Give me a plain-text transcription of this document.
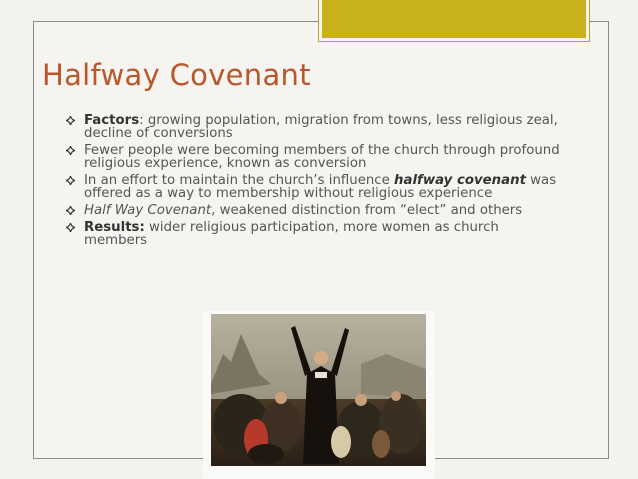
Halfway Covenant
Factors: growing population, migration from towns, less religious zeal, decline of conversions
Fewer people were becoming members of the church through profound religious experience, known as conversion
In an effort to maintain the church’s influence halfway covenant was offered as a way to membership without religious experience
Half Way Covenant, weakened distinction from “elect” and others
Results: wider religious participation, more women as church members
